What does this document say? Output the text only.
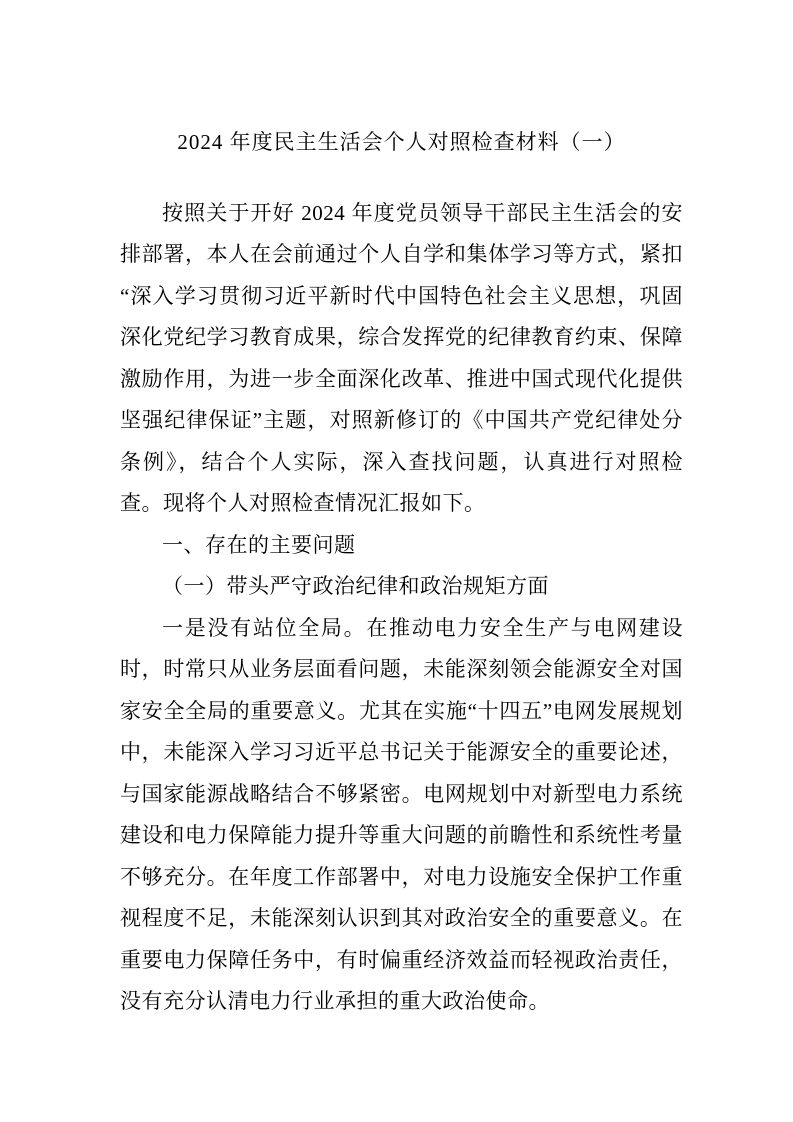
2024 年度民主生活会个人对照检查材料（一）

按照关于开好 2024 年度党员领导干部民主生活会的安排部署，本人在会前通过个人自学和集体学习等方式，紧扣“深入学习贯彻习近平新时代中国特色社会主义思想，巩固深化党纪学习教育成果，综合发挥党的纪律教育约束、保障激励作用，为进一步全面深化改革、推进中国式现代化提供坚强纪律保证”主题，对照新修订的《中国共产党纪律处分条例》，结合个人实际，深入查找问题，认真进行对照检查。现将个人对照检查情况汇报如下。

一、存在的主要问题

（一）带头严守政治纪律和政治规矩方面

一是没有站位全局。在推动电力安全生产与电网建设时，时常只从业务层面看问题，未能深刻领会能源安全对国家安全全局的重要意义。尤其在实施“十四五”电网发展规划中，未能深入学习习近平总书记关于能源安全的重要论述，与国家能源战略结合不够紧密。电网规划中对新型电力系统建设和电力保障能力提升等重大问题的前瞻性和系统性考量不够充分。在年度工作部署中，对电力设施安全保护工作重视程度不足，未能深刻认识到其对政治安全的重要意义。在重要电力保障任务中，有时偏重经济效益而轻视政治责任，没有充分认清电力行业承担的重大政治使命。
